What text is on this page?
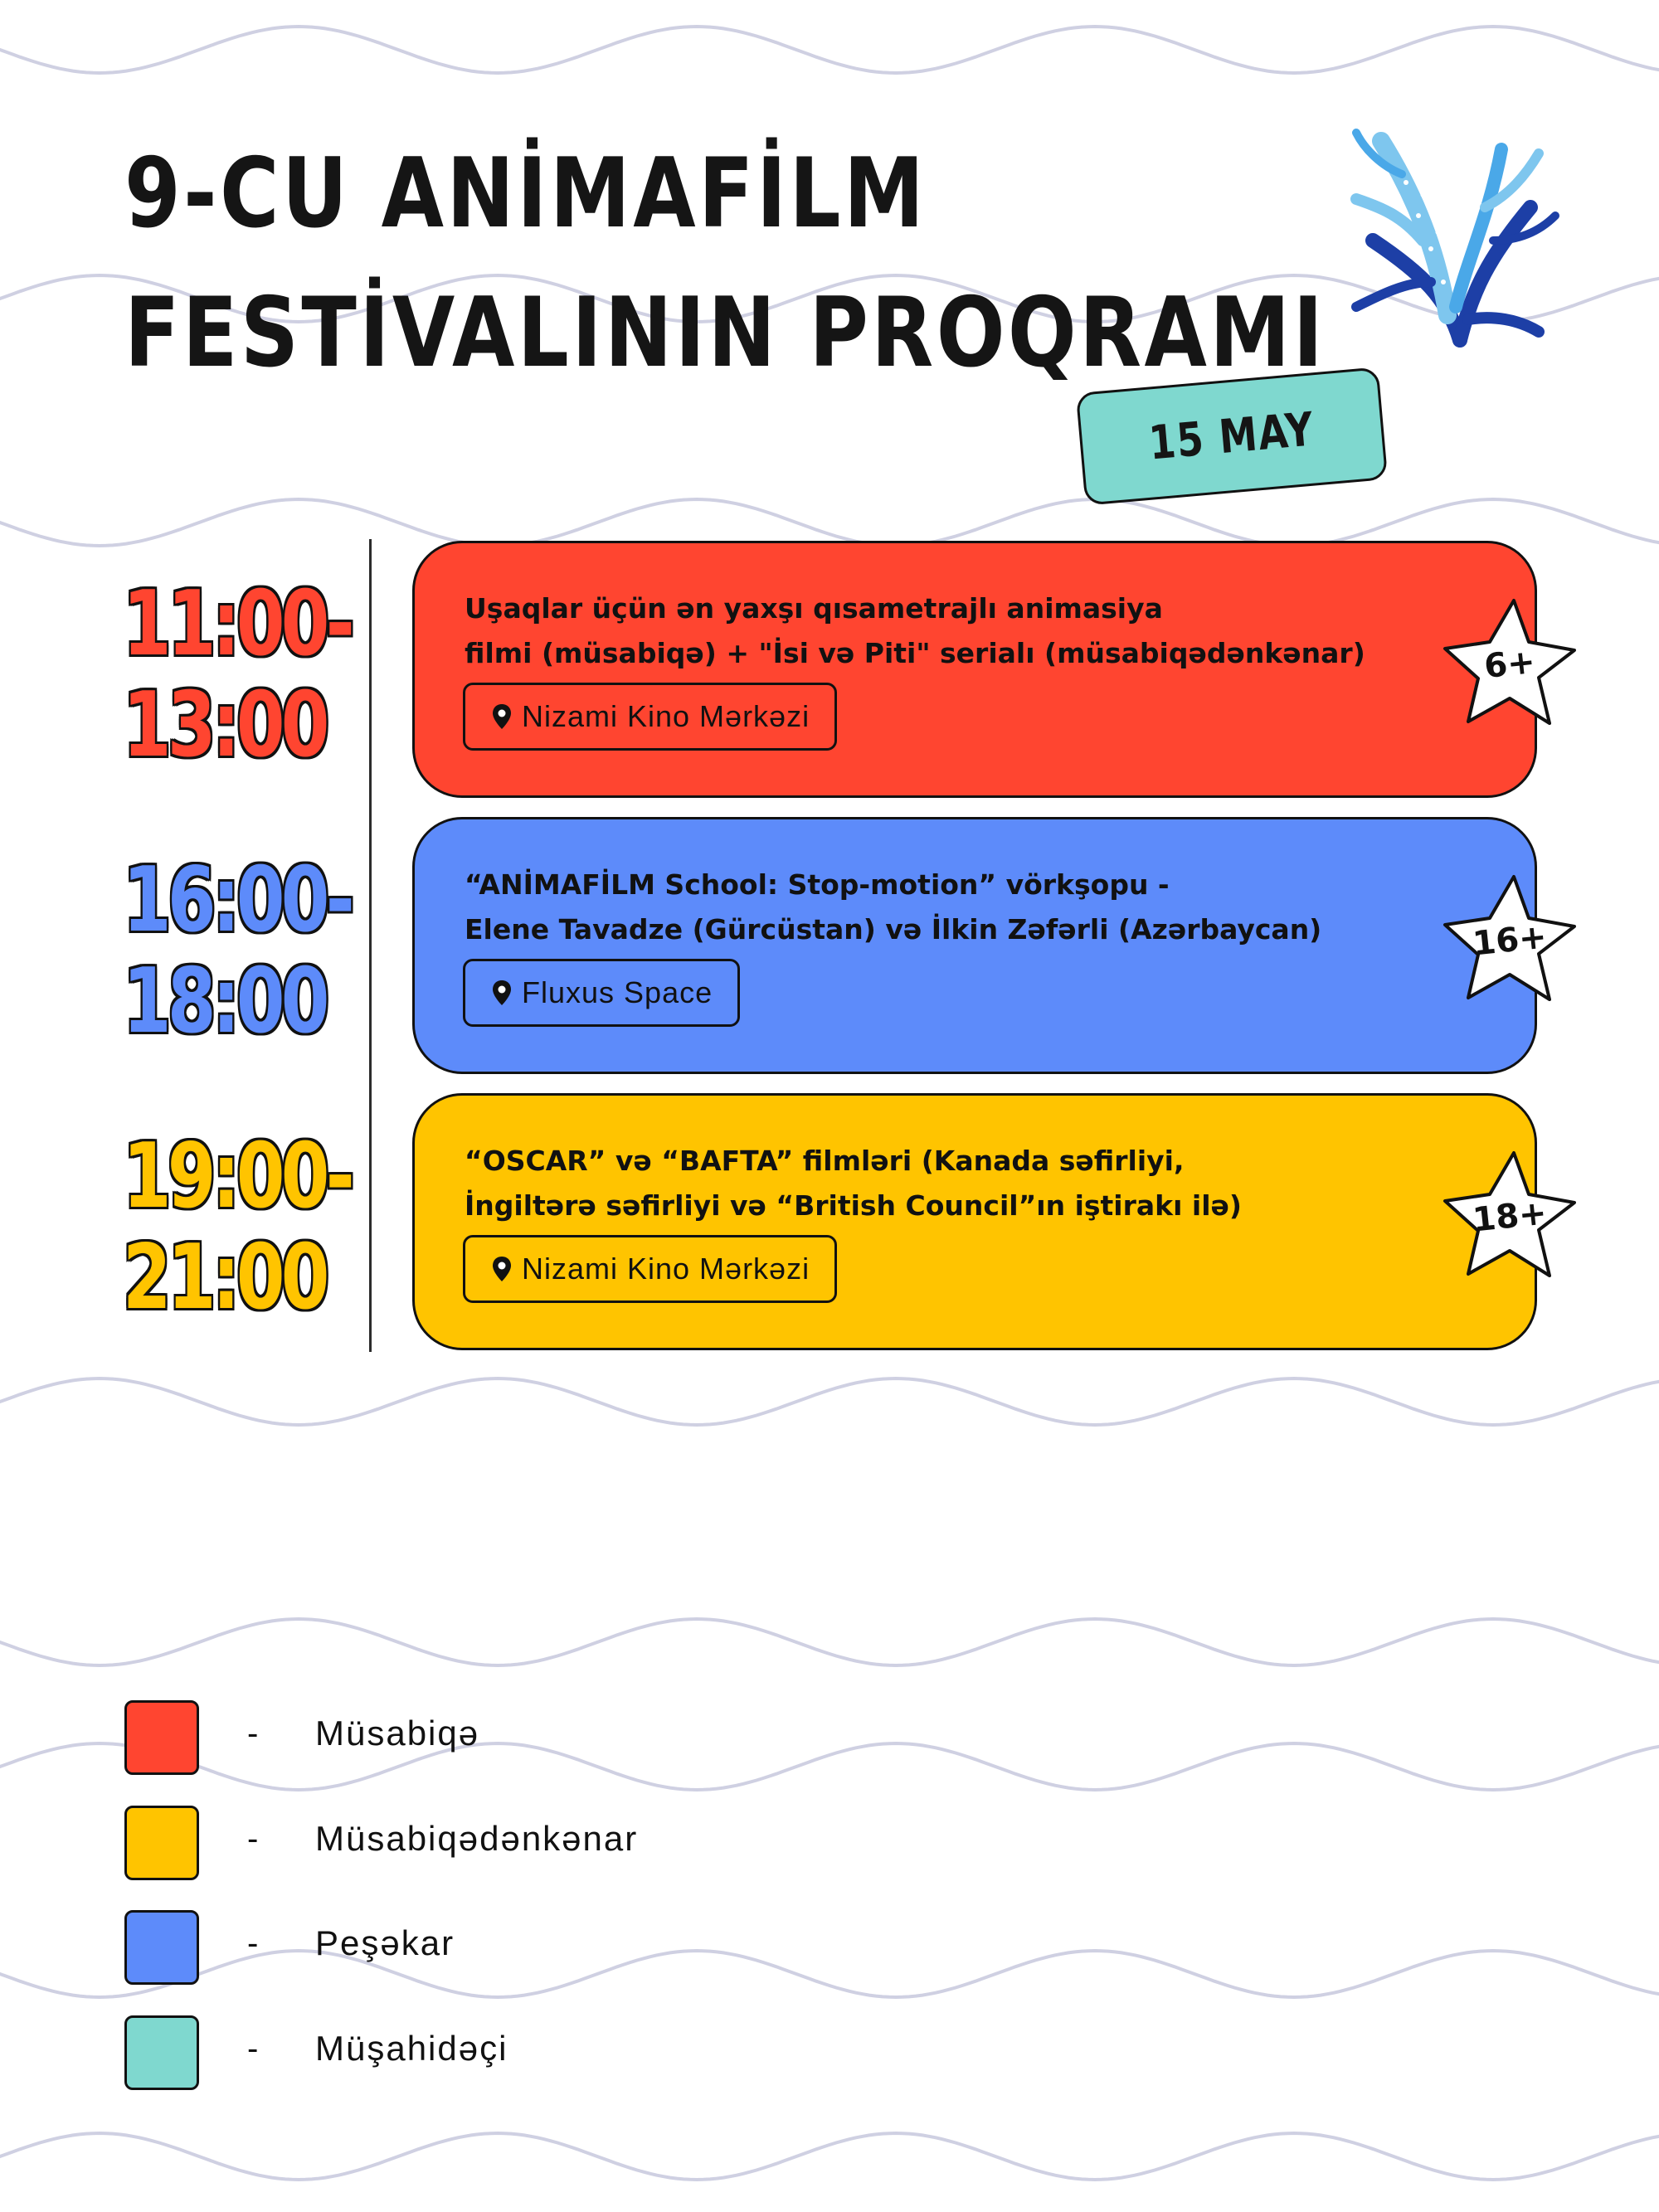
9-CU ANİMAFİLM
FESTİVALININ PROQRAMI
15 MAY
11:00-
13:00
16:00-
18:00
19:00-
21:00

Uşaqlar üçün ən yaxşı qısametrajlı animasiya
filmi (müsabiqə) + "İsi və Piti" serialı (müsabiqədənkənar)

Nizami Kino Mərkəzi

“ANİMAFİLM School: Stop-motion” vörkşopu -
Elene Tavadze (Gürcüstan) və İlkin Zəfərli (Azərbaycan)

Fluxus Space

“OSCAR” və “BAFTA” filmləri (Kanada səfirliyi,
İngiltərə səfirliyi və “British Council”ın iştirakı ilə)

Nizami Kino Mərkəzi
6+
16+
18+
- Müsabiqə
- Müsabiqədənkənar
- Peşəkar
- Müşahidəçi
